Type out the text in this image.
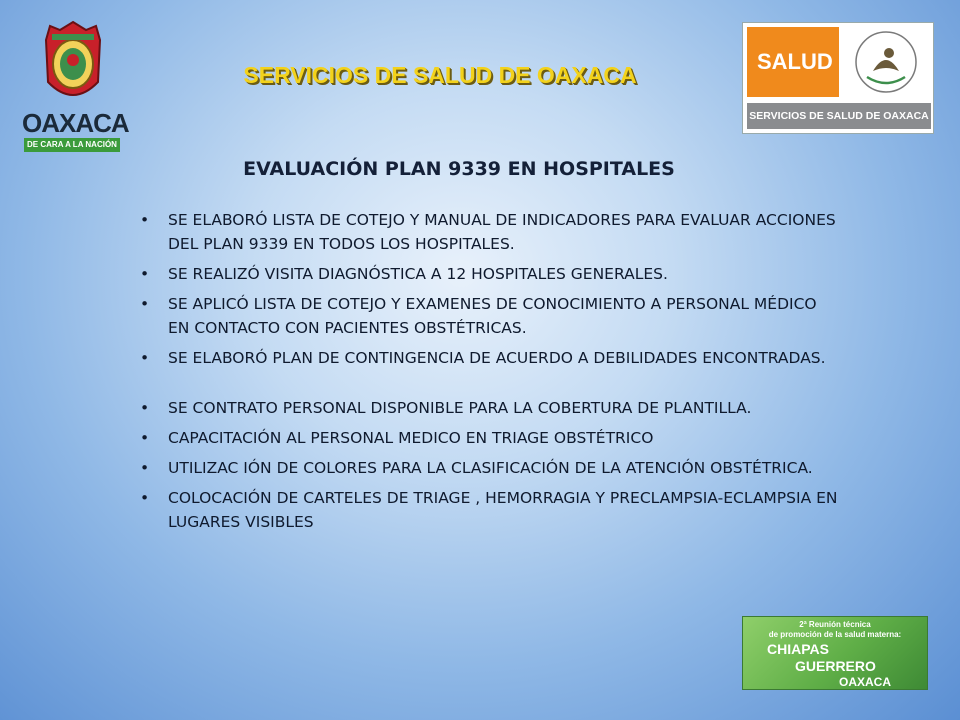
OAXACA
DE CARA A LA NACIÓN
SERVICIOS DE SALUD DE OAXACA
SALUD
SERVICIOS DE SALUD DE OAXACA
EVALUACIÓN PLAN 9339 EN HOSPITALES
• SE ELABORÓ LISTA DE COTEJO Y MANUAL DE INDICADORES PARA EVALUAR ACCIONES DEL PLAN 9339 EN TODOS LOS HOSPITALES.
• SE REALIZÓ VISITA DIAGNÓSTICA A 12 HOSPITALES GENERALES.
• SE APLICÓ LISTA DE COTEJO Y EXAMENES DE CONOCIMIENTO A PERSONAL MÉDICO EN CONTACTO CON PACIENTES OBSTÉTRICAS.
• SE ELABORÓ PLAN DE CONTINGENCIA DE ACUERDO A DEBILIDADES ENCONTRADAS.
• SE CONTRATO PERSONAL DISPONIBLE PARA LA COBERTURA DE PLANTILLA.
• CAPACITACIÓN AL PERSONAL MEDICO EN TRIAGE OBSTÉTRICO
• UTILIZAC IÓN DE COLORES PARA LA CLASIFICACIÓN DE LA ATENCIÓN OBSTÉTRICA.
• COLOCACIÓN DE CARTELES DE TRIAGE , HEMORRAGIA Y PRECLAMPSIA-ECLAMPSIA EN LUGARES VISIBLES
2ª Reunión técnica
de promoción de la salud materna:
CHIAPAS
GUERRERO
OAXACA
